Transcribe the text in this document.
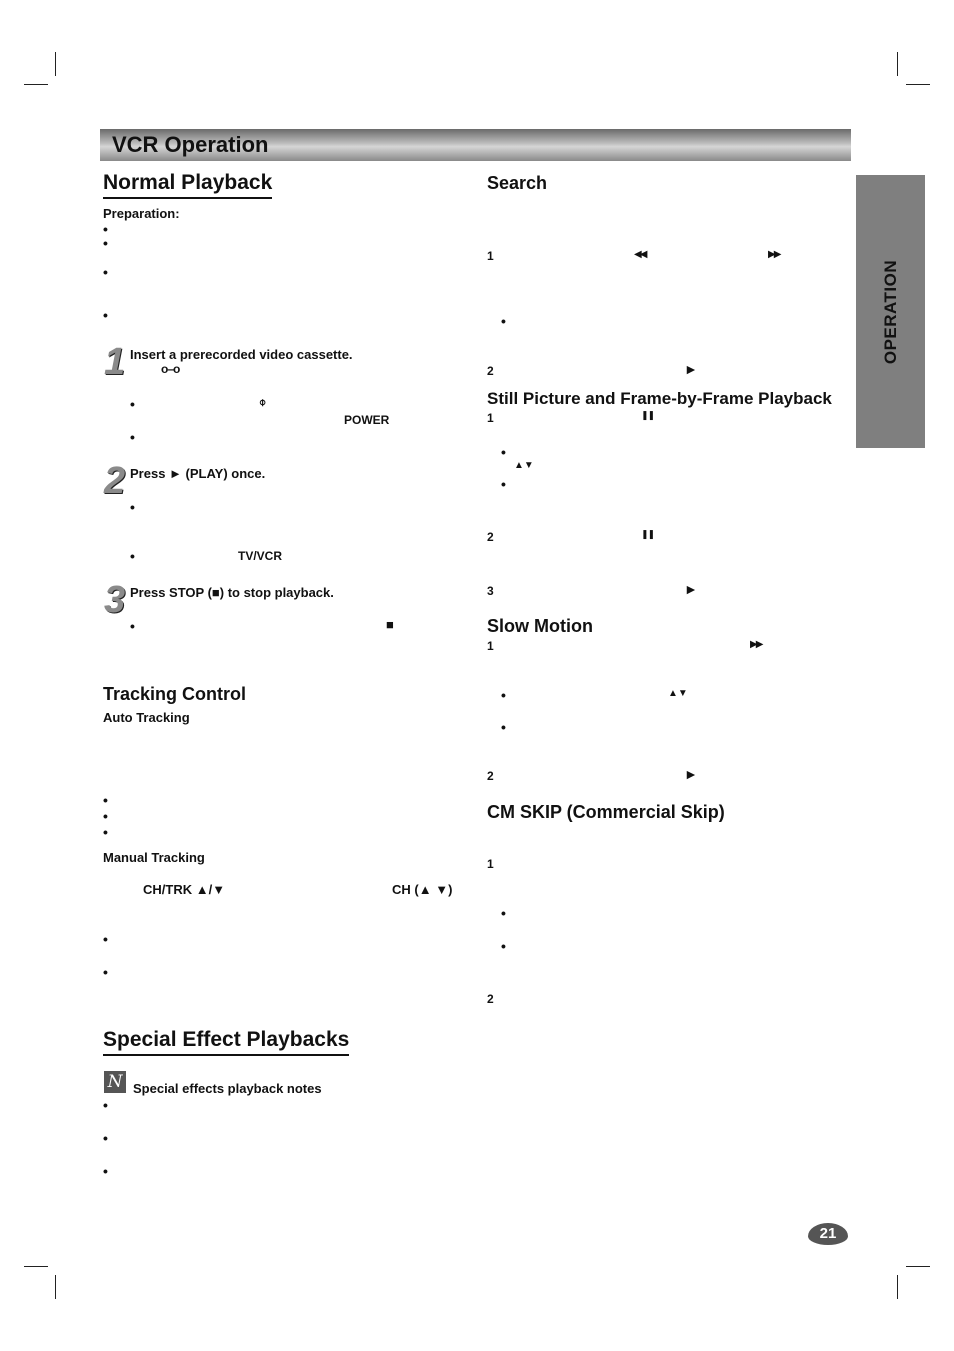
VCR Operation
OPERATION
Normal Playback
Preparation:
•
•
•
•
1 Insert a prerecorded video cassette.
o–o
•	⌽
POWER
•
2 Press ► (PLAY) once.
•
•	TV/VCR
3 Press STOP (■) to stop playback.
•	■
Tracking Control
Auto Tracking
•
•
•
Manual Tracking
CH/TRK ▲/▼	CH (▲ ▼)
•
•
Special Effect Playbacks
N Special effects playback notes
•
•
•
Search
1	◀◀	▶▶
•
2	►
Still Picture and Frame-by-Frame Playback
1	❚❚
•
▲▼
•
2	❚❚
3	►
Slow Motion
1	▶▶
•	▲▼
•
2	►
CM SKIP (Commercial Skip)
1
•
•
2
21
